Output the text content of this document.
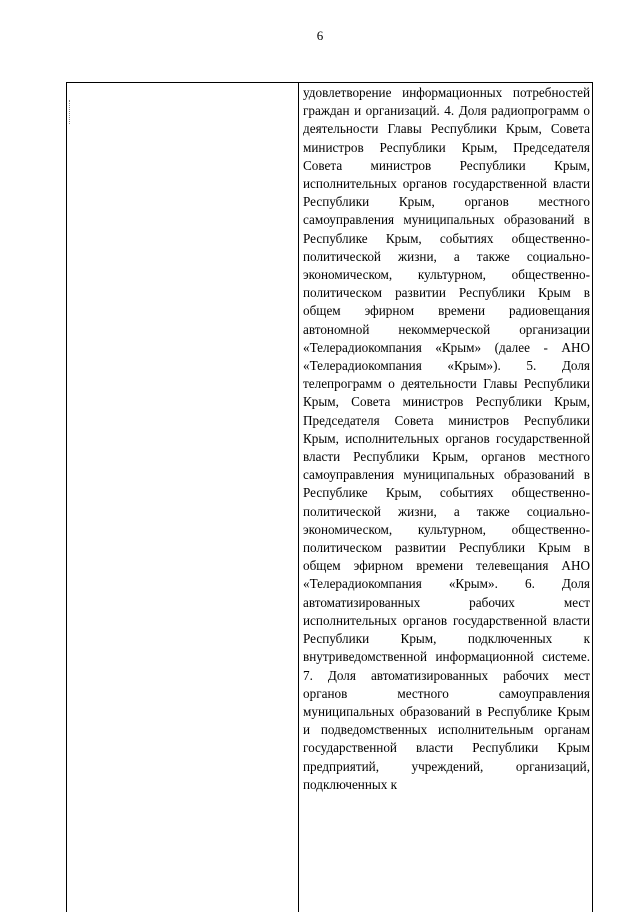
6

удовлетворение информационных потребностей граждан и организаций. 4. Доля радиопрограмм о деятельности Главы Республики Крым, Совета министров Республики Крым, Председателя Совета министров Республики Крым, исполнительных органов государственной власти Республики Крым, органов местного самоуправления муниципальных образований в Республике Крым, событиях общественно-политической жизни, а также социально-экономическом, культурном, общественно-политическом развитии Республики Крым в общем эфирном времени радиовещания автономной некоммерческой организации «Телерадиокомпания «Крым» (далее - АНО «Телерадиокомпания «Крым»). 5. Доля телепрограмм о деятельности Главы Республики Крым, Совета министров Республики Крым, Председателя Совета министров Республики Крым, исполнительных органов государственной власти Республики Крым, органов местного самоуправления муниципальных образований в Республике Крым, событиях общественно-политической жизни, а также социально-экономическом, культурном, общественно-политическом развитии Республики Крым в общем эфирном времени телевещания АНО «Телерадиокомпания «Крым». 6. Доля автоматизированных рабочих мест исполнительных органов государственной власти Республики Крым, подключенных к внутриведомственной информационной системе. 7. Доля автоматизированных рабочих мест органов местного самоуправления муниципальных образований в Республике Крым и подведомственных исполнительным органам государственной власти Республики Крым предприятий, учреждений, организаций, подключенных к
